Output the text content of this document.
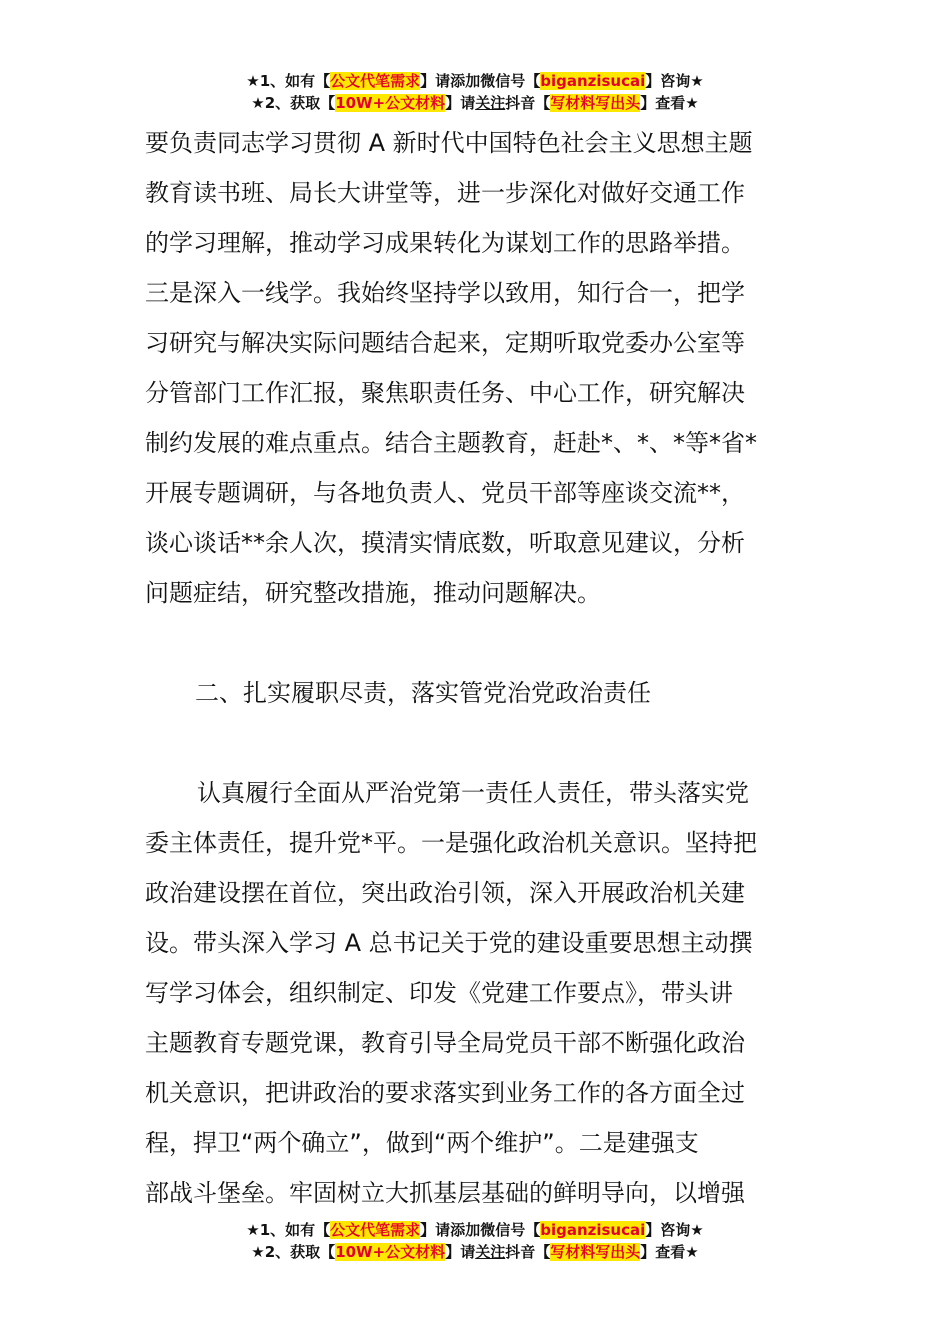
★1、如有【公文代笔需求】请添加微信号【biganzisucai】咨询★
★2、获取【10W+公文材料】请关注抖音【写材料写出头】查看★
要负责同志学习贯彻 A 新时代中国特色社会主义思想主题
教育读书班、局长大讲堂等，进一步深化对做好交通工作
的学习理解，推动学习成果转化为谋划工作的思路举措。
三是深入一线学。我始终坚持学以致用，知行合一，把学
习研究与解决实际问题结合起来，定期听取党委办公室等
分管部门工作汇报，聚焦职责任务、中心工作，研究解决
制约发展的难点重点。结合主题教育，赶赴*、*、*等*省*
开展专题调研，与各地负责人、党员干部等座谈交流**，
谈心谈话**余人次，摸清实情底数，听取意见建议，分析
问题症结，研究整改措施，推动问题解决。
二、扎实履职尽责，落实管党治党政治责任
认真履行全面从严治党第一责任人责任，带头落实党
委主体责任，提升党*平。一是强化政治机关意识。坚持把
政治建设摆在首位，突出政治引领，深入开展政治机关建
设。带头深入学习 A 总书记关于党的建设重要思想主动撰
写学习体会，组织制定、印发《党建工作要点》，带头讲
主题教育专题党课，教育引导全局党员干部不断强化政治
机关意识，把讲政治的要求落实到业务工作的各方面全过
程，捍卫“两个确立”，做到“两个维护”。二是建强支
部战斗堡垒。牢固树立大抓基层基础的鲜明导向，以增强
★1、如有【公文代笔需求】请添加微信号【biganzisucai】咨询★
★2、获取【10W+公文材料】请关注抖音【写材料写出头】查看★
